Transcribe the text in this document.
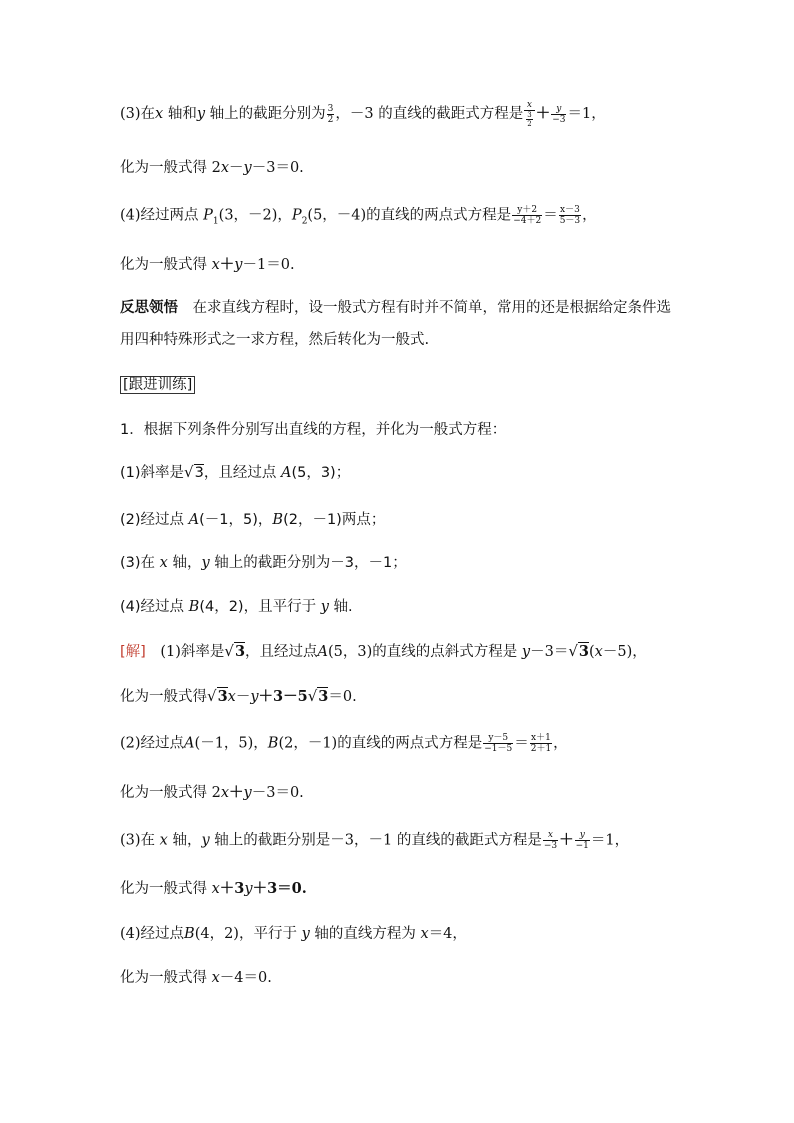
(3)在x 轴和y 轴上的截距分别为 $\frac{3}{2}$ ，－3 的直线的截距式方程是 $\frac{x}{\frac{3}{2}} + \frac{y}{-3} =1$，
化为一般式得 2x－y－3＝0.
(4)经过两点 $P_1(3$，－2)，$P_2(5$，－4)的直线的两点式方程是 $\frac{y+2}{-4+2} = \frac{x-3}{5-3}$ ，
化为一般式得 x＋y－1＝0.
反思领悟　在求直线方程时，设一般式方程有时并不简单，常用的还是根据给定条件选用四种特殊形式之一求方程，然后转化为一般式.
[跟进训练]
1．根据下列条件分别写出直线的方程，并化为一般式方程：
(1)斜率是√3，且经过点 A(5，3)；
(2)经过点 A(－1，5)，B(2，－1)两点；
(3)在 x 轴，y 轴上的截距分别为－3，－1；
(4)经过点 B(4，2)，且平行于 y 轴.
[解]　(1)斜率是√3，且经过点A(5，3)的直线的点斜式方程是 y－3＝√3(x－5)，
化为一般式得√3x－y＋3－5√3＝0.
(2)经过点A(－1，5)，B(2，－1)的直线的两点式方程是 $\frac{y-5}{-1-5} = \frac{x+1}{2+1}$ ，
化为一般式得 2x＋y－3＝0.
(3)在 x 轴，y 轴上的截距分别是－3，－1 的直线的截距式方程是 $\frac{x}{-3} + \frac{y}{-1} =1$，
化为一般式得 x＋3y＋3＝0.
(4)经过点B(4，2)，平行于 y 轴的直线方程为 x＝4，
化为一般式得 x－4＝0.
